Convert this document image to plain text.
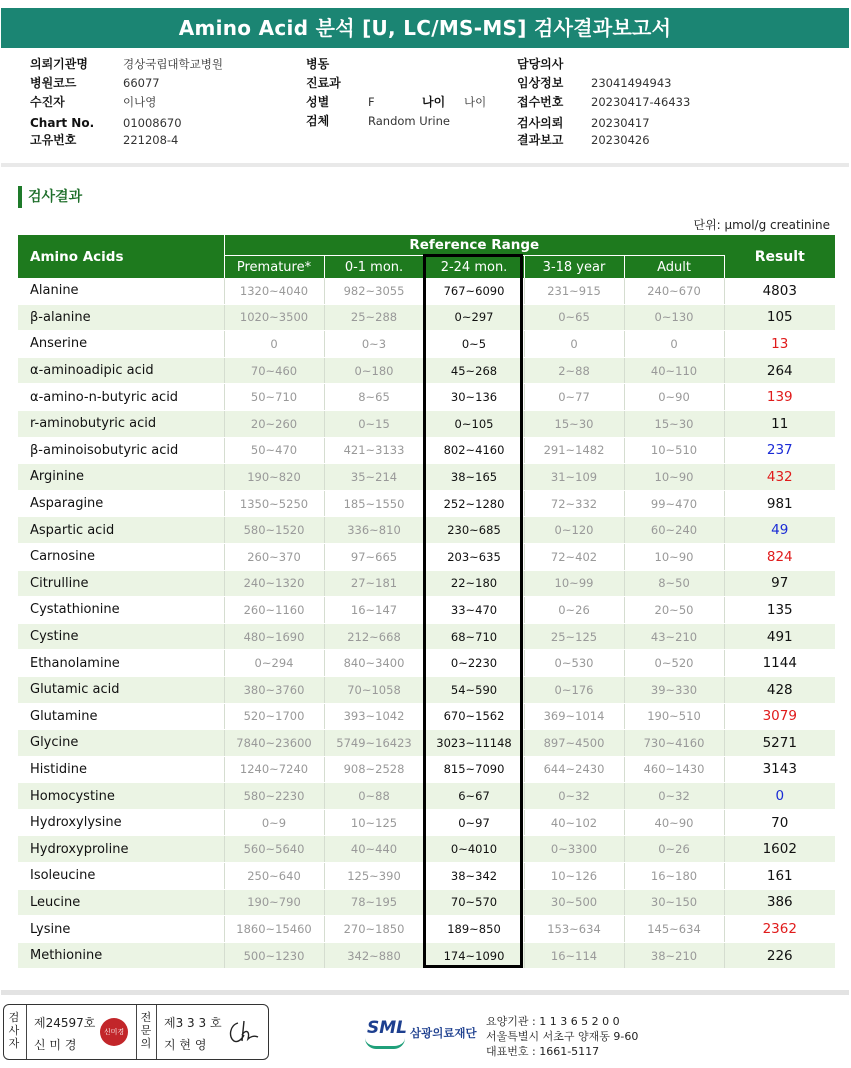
Amino Acid 분석 [U, LC/MS-MS] 검사결과보고서
의뢰기관명	경상국립대학교병원
병원코드	66077
수진자	이나영
Chart No.	01008670
고유번호	221208-4
병동
진료과
성별	F	나이 나이
검체	Random Urine
담당의사
임상정보 23041494943
접수번호 20230417-46433
검사의뢰 20230417
결과보고 20230426
검사결과
단위: μmol/g creatinine
Amino Acids	Reference Range					Result
	Premature*	0-1 mon.	2-24 mon.	3-18 year	Adult	
Alanine	1320~4040	982~3055	767~6090	231~915	240~670	4803
β-alanine	1020~3500	25~288	0~297	0~65	0~130	105
Anserine	0	0~3	0~5	0	0	13
α-aminoadipic acid	70~460	0~180	45~268	2~88	40~110	264
α-amino-n-butyric acid	50~710	8~65	30~136	0~77	0~90	139
r-aminobutyric acid	20~260	0~15	0~105	15~30	15~30	11
β-aminoisobutyric acid	50~470	421~3133	802~4160	291~1482	10~510	237
Arginine	190~820	35~214	38~165	31~109	10~90	432
Asparagine	1350~5250	185~1550	252~1280	72~332	99~470	981
Aspartic acid	580~1520	336~810	230~685	0~120	60~240	49
Carnosine	260~370	97~665	203~635	72~402	10~90	824
Citrulline	240~1320	27~181	22~180	10~99	8~50	97
Cystathionine	260~1160	16~147	33~470	0~26	20~50	135
Cystine	480~1690	212~668	68~710	25~125	43~210	491
Ethanolamine	0~294	840~3400	0~2230	0~530	0~520	1144
Glutamic acid	380~3760	70~1058	54~590	0~176	39~330	428
Glutamine	520~1700	393~1042	670~1562	369~1014	190~510	3079
Glycine	7840~23600	5749~16423	3023~11148	897~4500	730~4160	5271
Histidine	1240~7240	908~2528	815~7090	644~2430	460~1430	3143
Homocystine	580~2230	0~88	6~67	0~32	0~32	0
Hydroxylysine	0~9	10~125	0~97	40~102	40~90	70
Hydroxyproline	560~5640	40~440	0~4010	0~3300	0~26	1602
Isoleucine	250~640	125~390	38~342	10~126	16~180	161
Leucine	190~790	78~195	70~570	30~500	30~150	386
Lysine	1860~15460	270~1850	189~850	153~634	145~634	2362
Methionine	500~1230	342~880	174~1090	16~114	38~210	226
검
사
자
제24597호
신 미 경
신미경
전
문
의
제3 3 3 호
지 현 영
SML 삼광의료재단
요양기관 : 1 1 3 6 5 2 0 0
서울특별시 서초구 양재동 9-60
대표번호 : 1661-5117
